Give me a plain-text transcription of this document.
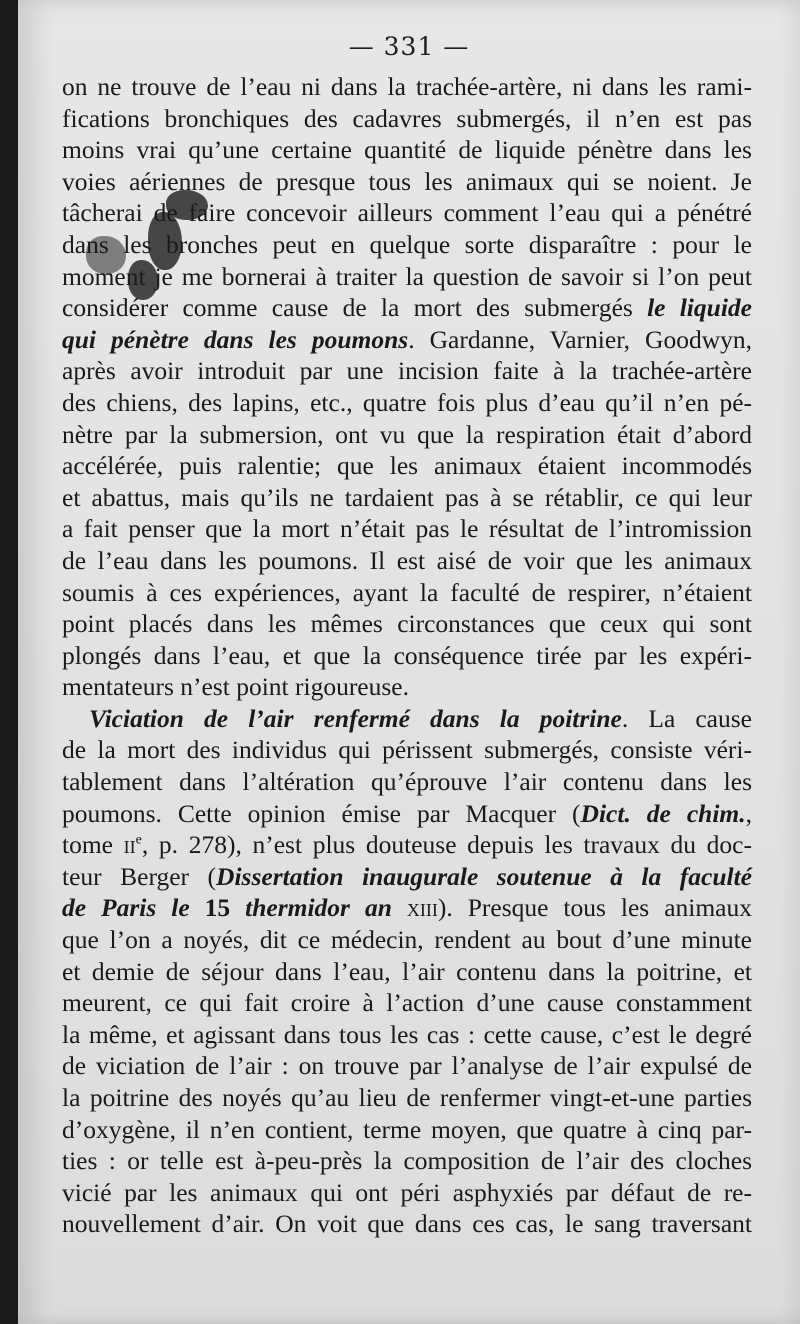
— 331 —
on ne trouve de l’eau ni dans la trachée-artère, ni dans les rami-
fications bronchiques des cadavres submergés, il n’en est pas
moins vrai qu’une certaine quantité de liquide pénètre dans les
voies aériennes de presque tous les animaux qui se noient. Je
tâcherai de faire concevoir ailleurs comment l’eau qui a pénétré
dans les bronches peut en quelque sorte disparaître : pour le
moment je me bornerai à traiter la question de savoir si l’on peut
considérer comme cause de la mort des submergés le liquide
qui pénètre dans les poumons. Gardanne, Varnier, Goodwyn,
après avoir introduit par une incision faite à la trachée-artère
des chiens, des lapins, etc., quatre fois plus d’eau qu’il n’en pé-
nètre par la submersion, ont vu que la respiration était d’abord
accélérée, puis ralentie; que les animaux étaient incommodés
et abattus, mais qu’ils ne tardaient pas à se rétablir, ce qui leur
a fait penser que la mort n’était pas le résultat de l’intromission
de l’eau dans les poumons. Il est aisé de voir que les animaux
soumis à ces expériences, ayant la faculté de respirer, n’étaient
point placés dans les mêmes circonstances que ceux qui sont
plongés dans l’eau, et que la conséquence tirée par les expéri-
mentateurs n’est point rigoureuse.
Viciation de l’air renfermé dans la poitrine. La cause
de la mort des individus qui périssent submergés, consiste véri-
tablement dans l’altération qu’éprouve l’air contenu dans les
poumons. Cette opinion émise par Macquer (Dict. de chim.,
tome $ii^e$, p. 278), n’est plus douteuse depuis les travaux du doc-
teur Berger (Dissertation inaugurale soutenue à la faculté
de Paris le 15 thermidor an xiii). Presque tous les animaux
que l’on a noyés, dit ce médecin, rendent au bout d’une minute
et demie de séjour dans l’eau, l’air contenu dans la poitrine, et
meurent, ce qui fait croire à l’action d’une cause constamment
la même, et agissant dans tous les cas : cette cause, c’est le degré
de viciation de l’air : on trouve par l’analyse de l’air expulsé de
la poitrine des noyés qu’au lieu de renfermer vingt-et-une parties
d’oxygène, il n’en contient, terme moyen, que quatre à cinq par-
ties : or telle est à-peu-près la composition de l’air des cloches
vicié par les animaux qui ont péri asphyxiés par défaut de re-
nouvellement d’air. On voit que dans ces cas, le sang traversant
